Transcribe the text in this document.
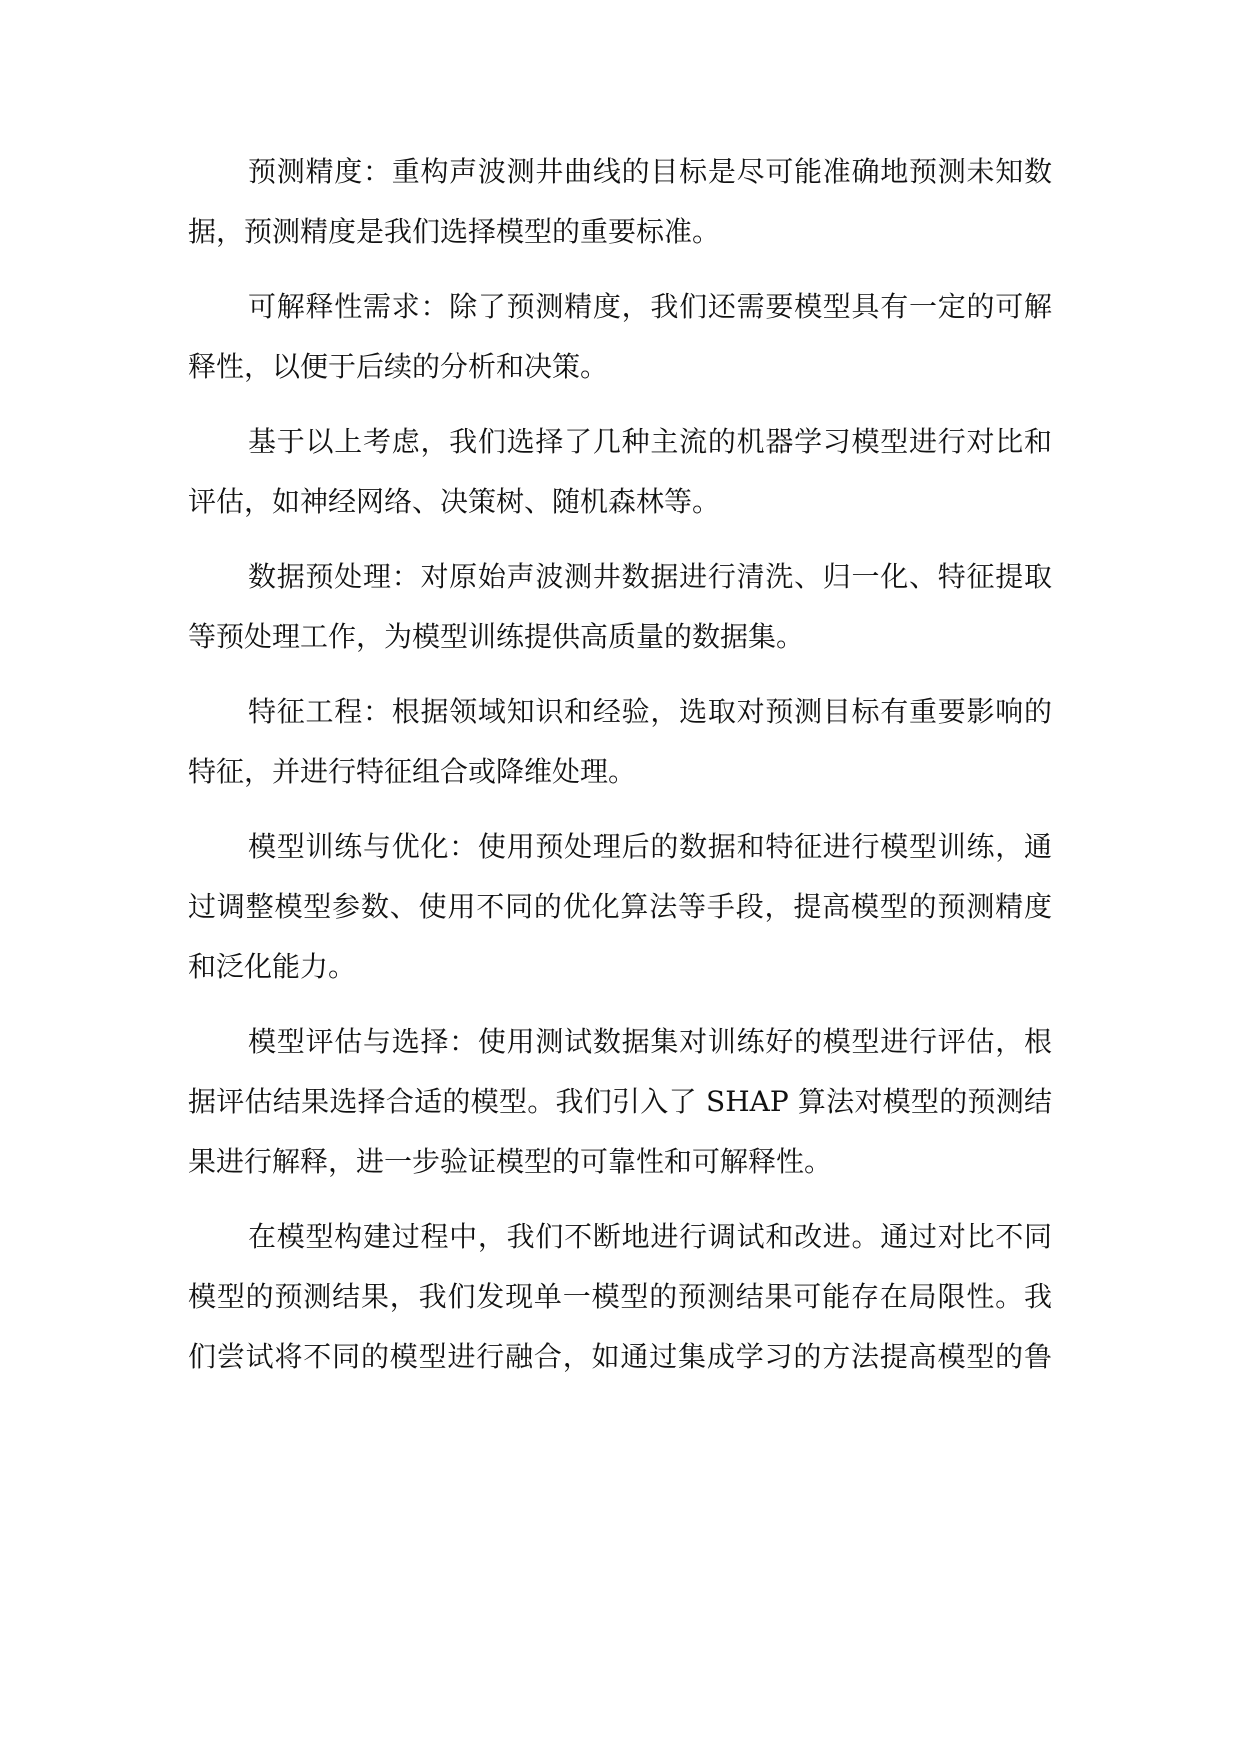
预测精度：重构声波测井曲线的目标是尽可能准确地预测未知数
据，预测精度是我们选择模型的重要标准。

可解释性需求：除了预测精度，我们还需要模型具有一定的可解
释性，以便于后续的分析和决策。

基于以上考虑，我们选择了几种主流的机器学习模型进行对比和
评估，如神经网络、决策树、随机森林等。

数据预处理：对原始声波测井数据进行清洗、归一化、特征提取
等预处理工作，为模型训练提供高质量的数据集。

特征工程：根据领域知识和经验，选取对预测目标有重要影响的
特征，并进行特征组合或降维处理。

模型训练与优化：使用预处理后的数据和特征进行模型训练，通
过调整模型参数、使用不同的优化算法等手段，提高模型的预测精度
和泛化能力。

模型评估与选择：使用测试数据集对训练好的模型进行评估，根
据评估结果选择合适的模型。我们引入了 SHAP 算法对模型的预测结
果进行解释，进一步验证模型的可靠性和可解释性。

在模型构建过程中，我们不断地进行调试和改进。通过对比不同
模型的预测结果，我们发现单一模型的预测结果可能存在局限性。我
们尝试将不同的模型进行融合，如通过集成学习的方法提高模型的鲁
